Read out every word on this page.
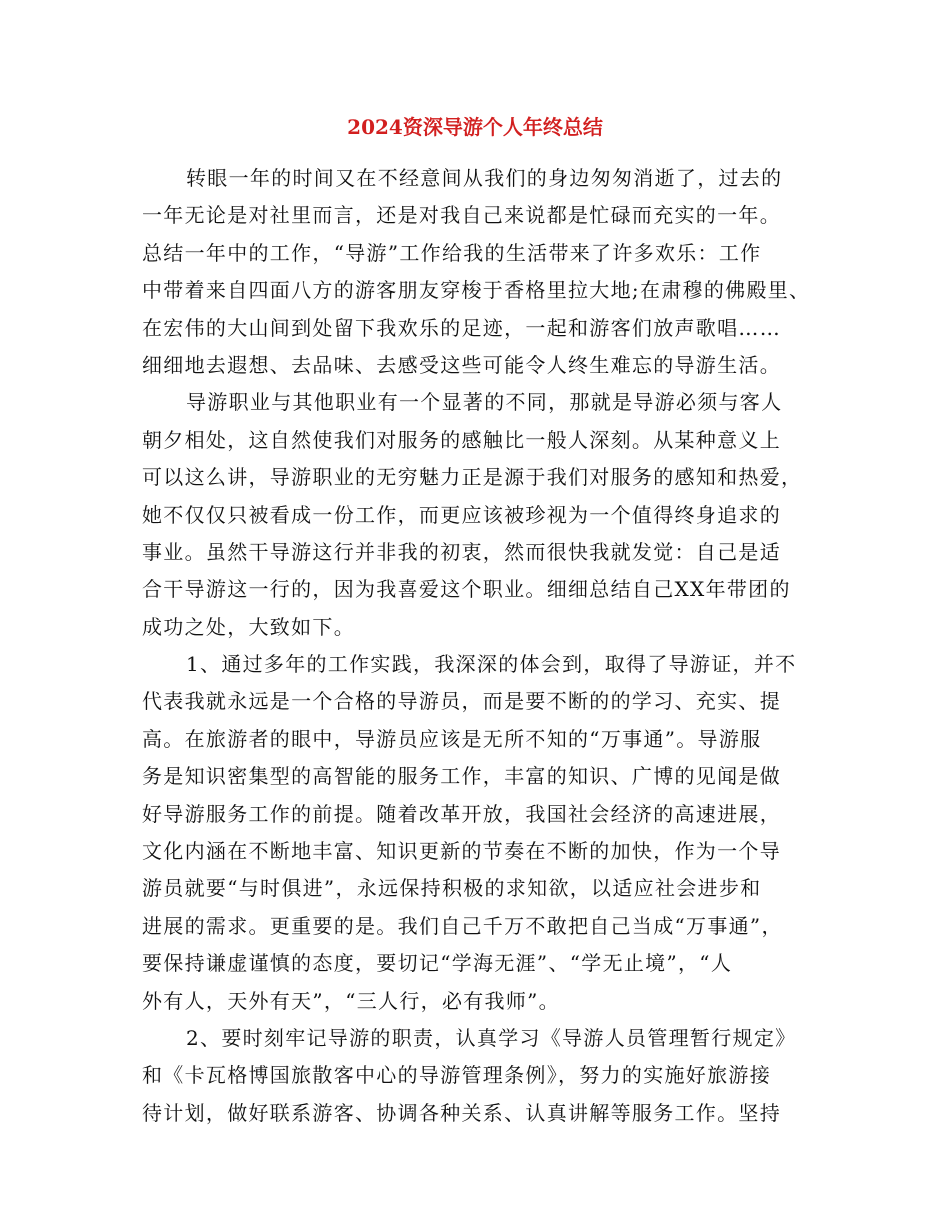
2024资深导游个人年终总结
转眼一年的时间又在不经意间从我们的身边匆匆消逝了，过去的
一年无论是对社里而言，还是对我自己来说都是忙碌而充实的一年。
总结一年中的工作，“导游”工作给我的生活带来了许多欢乐：工作
中带着来自四面八方的游客朋友穿梭于香格里拉大地;在肃穆的佛殿里、
在宏伟的大山间到处留下我欢乐的足迹，一起和游客们放声歌唱……
细细地去遐想、去品味、去感受这些可能令人终生难忘的导游生活。
导游职业与其他职业有一个显著的不同，那就是导游必须与客人
朝夕相处，这自然使我们对服务的感触比一般人深刻。从某种意义上
可以这么讲，导游职业的无穷魅力正是源于我们对服务的感知和热爱，
她不仅仅只被看成一份工作，而更应该被珍视为一个值得终身追求的
事业。虽然干导游这行并非我的初衷，然而很快我就发觉：自己是适
合干导游这一行的，因为我喜爱这个职业。细细总结自己XX年带团的
成功之处，大致如下。
1、通过多年的工作实践，我深深的体会到，取得了导游证，并不
代表我就永远是一个合格的导游员，而是要不断的的学习、充实、提
高。在旅游者的眼中，导游员应该是无所不知的“万事通”。导游服
务是知识密集型的高智能的服务工作，丰富的知识、广博的见闻是做
好导游服务工作的前提。随着改革开放，我国社会经济的高速进展，
文化内涵在不断地丰富、知识更新的节奏在不断的加快，作为一个导
游员就要“与时俱进”，永远保持积极的求知欲，以适应社会进步和
进展的需求。更重要的是。我们自己千万不敢把自己当成“万事通”，
要保持谦虚谨慎的态度，要切记“学海无涯”、“学无止境”，“人
外有人，天外有天”，“三人行，必有我师”。
2、要时刻牢记导游的职责，认真学习《导游人员管理暂行规定》
和《卡瓦格博国旅散客中心的导游管理条例》，努力的实施好旅游接
待计划，做好联系游客、协调各种关系、认真讲解等服务工作。坚持
